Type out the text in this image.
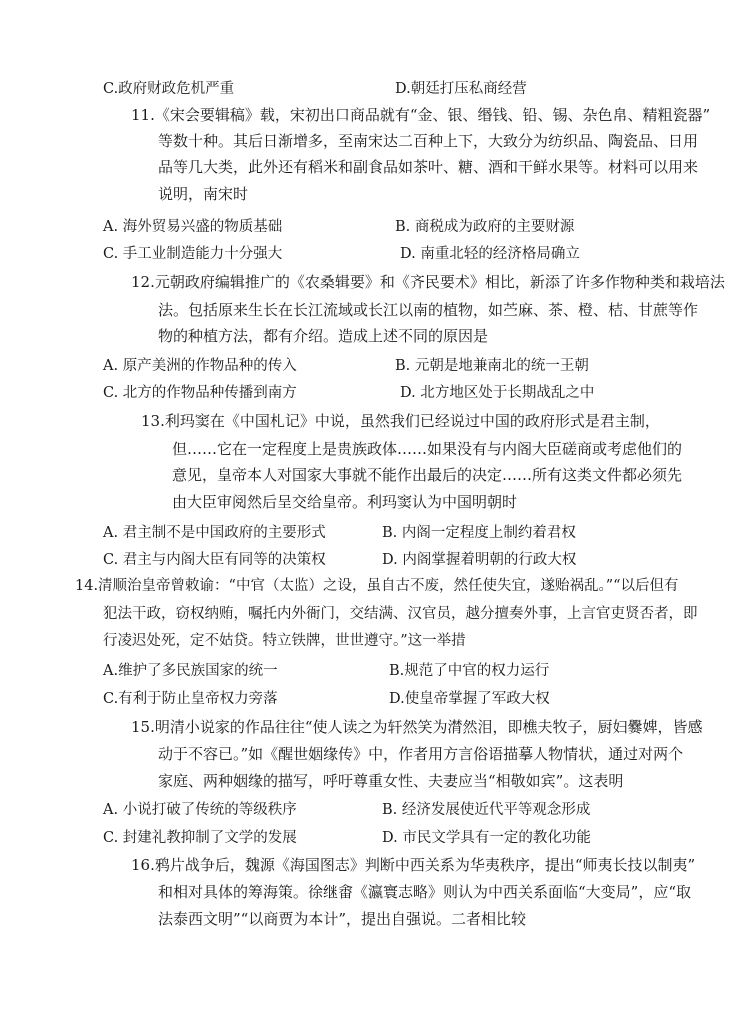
C.政府财政危机严重	D.朝廷打压私商经营
11.《宋会要辑稿》载，宋初出口商品就有“金、银、缗钱、铅、锡、杂色帛、精粗瓷器”
等数十种。其后日渐增多，至南宋达二百种上下，大致分为纺织品、陶瓷品、日用
品等几大类，此外还有稻米和副食品如茶叶、糖、酒和干鲜水果等。材料可以用来
说明，南宋时
A. 海外贸易兴盛的物质基础	B. 商税成为政府的主要财源
C. 手工业制造能力十分强大	D. 南重北轻的经济格局确立
12.元朝政府编辑推广的《农桑辑要》和《齐民要术》相比，新添了许多作物种类和栽培法
法。包括原来生长在长江流域或长江以南的植物，如苎麻、茶、橙、桔、甘蔗等作
物的种植方法，都有介绍。造成上述不同的原因是
A. 原产美洲的作物品种的传入	B. 元朝是地兼南北的统一王朝
C. 北方的作物品种传播到南方	D. 北方地区处于长期战乱之中
13.利玛窦在《中国札记》中说，虽然我们已经说过中国的政府形式是君主制，
但……它在一定程度上是贵族政体……如果没有与内阁大臣磋商或考虑他们的
意见，皇帝本人对国家大事就不能作出最后的决定……所有这类文件都必须先
由大臣审阅然后呈交给皇帝。利玛窦认为中国明朝时
A. 君主制不是中国政府的主要形式	B. 内阁一定程度上制约着君权
C. 君主与内阁大臣有同等的决策权	D. 内阁掌握着明朝的行政大权
14.清顺治皇帝曾敕谕：“中官（太监）之设，虽自古不废，然任使失宜，遂贻祸乱。”“以后但有
犯法干政，窃权纳贿，嘱托内外衙门，交结满、汉官员，越分擅奏外事，上言官吏贤否者，即
行凌迟处死，定不姑贷。特立铁牌，世世遵守。”这一举措
A.维护了多民族国家的统一	B.规范了中官的权力运行
C.有利于防止皇帝权力旁落	D.使皇帝掌握了军政大权
15.明清小说家的作品往往“使人读之为轩然笑为潸然泪，即樵夫牧子，厨妇爨婢，皆感
动于不容已。”如《醒世姻缘传》中，作者用方言俗语描摹人物情状，通过对两个
家庭、两种姻缘的描写，呼吁尊重女性、夫妻应当“相敬如宾”。这表明
A. 小说打破了传统的等级秩序	B. 经济发展使近代平等观念形成
C. 封建礼教抑制了文学的发展	D. 市民文学具有一定的教化功能
16.鸦片战争后，魏源《海国图志》判断中西关系为华夷秩序，提出“师夷长技以制夷”
和相对具体的筹海策。徐继畬《瀛寰志略》则认为中西关系面临“大变局”，应“取
法泰西文明”“以商贾为本计”，提出自强说。二者相比较
